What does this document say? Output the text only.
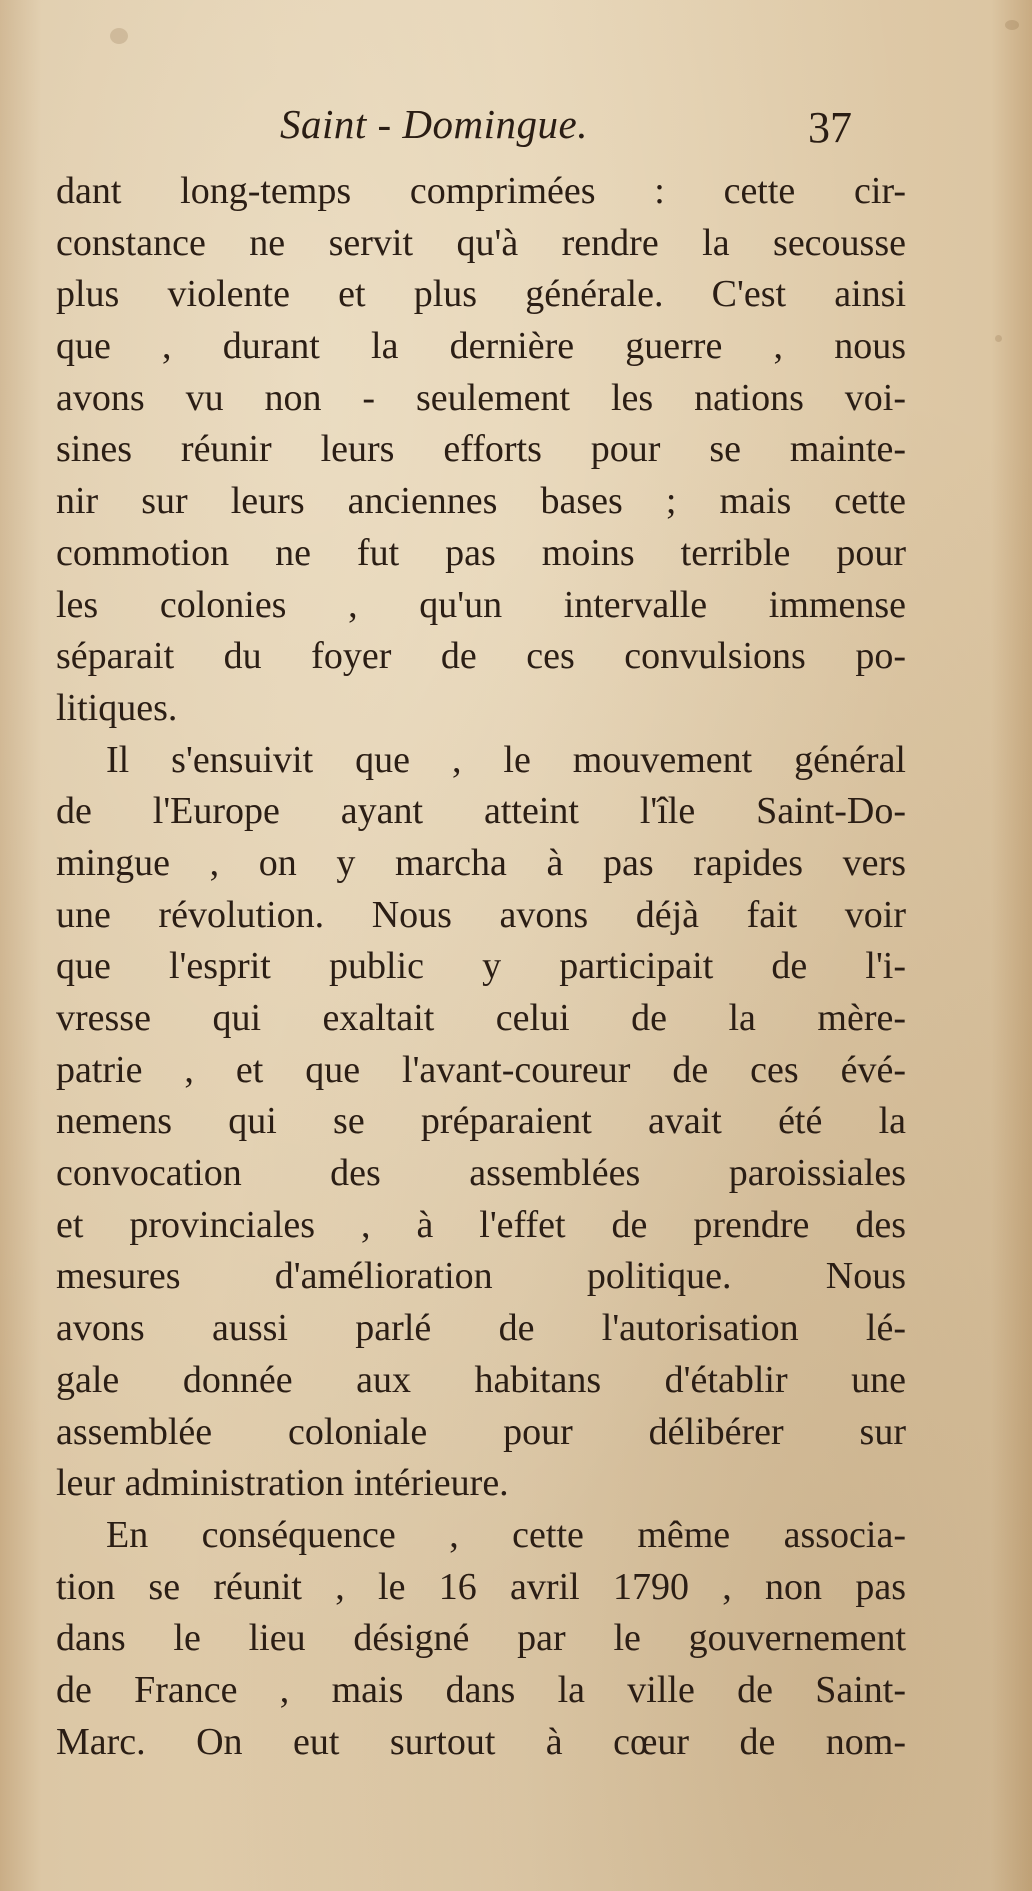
Saint - Domingue.	37
dant long-temps comprimées : cette cir-
constance ne servit qu'à rendre la secousse
plus violente et plus générale. C'est ainsi
que , durant la dernière guerre , nous
avons vu non - seulement les nations voi-
sines réunir leurs efforts pour se mainte-
nir sur leurs anciennes bases ; mais cette
commotion ne fut pas moins terrible pour
les colonies , qu'un intervalle immense
séparait du foyer de ces convulsions po-
litiques.
Il s'ensuivit que , le mouvement général
de l'Europe ayant atteint l'île Saint-Do-
mingue , on y marcha à pas rapides vers
une révolution. Nous avons déjà fait voir
que l'esprit public y participait de l'i-
vresse qui exaltait celui de la mère-
patrie , et que l'avant-coureur de ces évé-
nemens qui se préparaient avait été la
convocation des assemblées paroissiales
et provinciales , à l'effet de prendre des
mesures d'amélioration politique. Nous
avons aussi parlé de l'autorisation lé-
gale donnée aux habitans d'établir une
assemblée coloniale pour délibérer sur
leur administration intérieure.
En conséquence , cette même associa-
tion se réunit , le 16 avril 1790 , non pas
dans le lieu désigné par le gouvernement
de France , mais dans la ville de Saint-
Marc. On eut surtout à cœur de nom-
